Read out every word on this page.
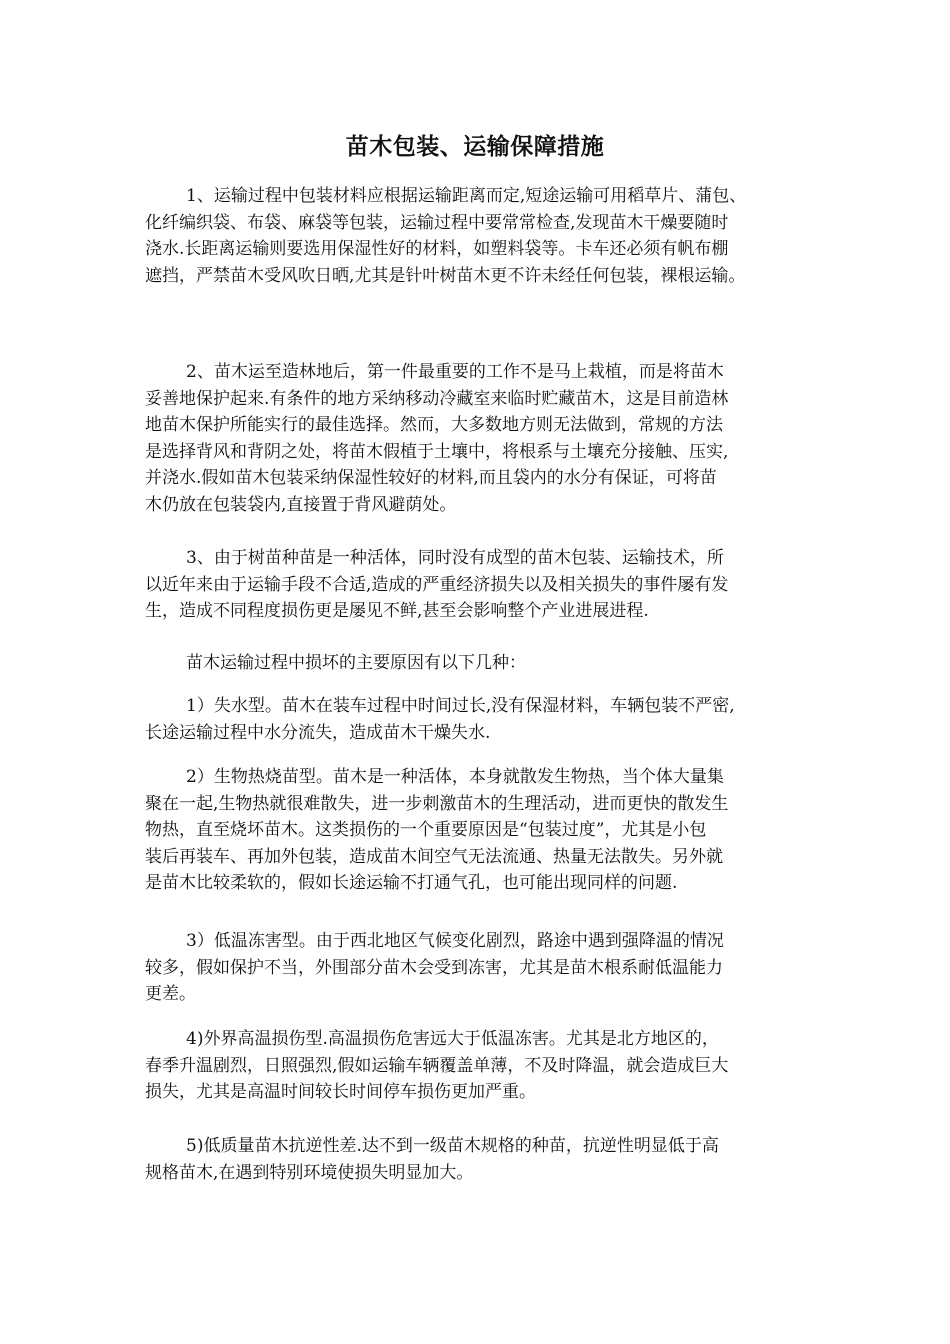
苗木包装、运输保障措施

1、运输过程中包装材料应根据运输距离而定,短途运输可用稻草片、蒲包、
化纤编织袋、布袋、麻袋等包装，运输过程中要常常检查,发现苗木干燥要随时
浇水.长距离运输则要选用保湿性好的材料，如塑料袋等。卡车还必须有帆布棚
遮挡，严禁苗木受风吹日晒,尤其是针叶树苗木更不许未经任何包装，裸根运输。

2、苗木运至造林地后，第一件最重要的工作不是马上栽植，而是将苗木
妥善地保护起来.有条件的地方采纳移动冷藏室来临时贮藏苗木，这是目前造林
地苗木保护所能实行的最佳选择。然而，大多数地方则无法做到，常规的方法
是选择背风和背阴之处，将苗木假植于土壤中，将根系与土壤充分接触、压实,
并浇水.假如苗木包装采纳保湿性较好的材料,而且袋内的水分有保证，可将苗
木仍放在包装袋内,直接置于背风避荫处。

3、由于树苗种苗是一种活体，同时没有成型的苗木包装、运输技术，所
以近年来由于运输手段不合适,造成的严重经济损失以及相关损失的事件屡有发
生，造成不同程度损伤更是屡见不鲜,甚至会影响整个产业进展进程.

苗木运输过程中损坏的主要原因有以下几种：

1）失水型。苗木在装车过程中时间过长,没有保湿材料，车辆包装不严密,
长途运输过程中水分流失，造成苗木干燥失水.

2）生物热烧苗型。苗木是一种活体，本身就散发生物热，当个体大量集
聚在一起,生物热就很难散失，进一步刺激苗木的生理活动，进而更快的散发生
物热，直至烧坏苗木。这类损伤的一个重要原因是“包装过度”，尤其是小包
装后再装车、再加外包装，造成苗木间空气无法流通、热量无法散失。另外就
是苗木比较柔软的，假如长途运输不打通气孔，也可能出现同样的问题.

3）低温冻害型。由于西北地区气候变化剧烈，路途中遇到强降温的情况
较多，假如保护不当，外围部分苗木会受到冻害，尤其是苗木根系耐低温能力
更差。

4)外界高温损伤型.高温损伤危害远大于低温冻害。尤其是北方地区的，
春季升温剧烈，日照强烈,假如运输车辆覆盖单薄，不及时降温，就会造成巨大
损失，尤其是高温时间较长时间停车损伤更加严重。

5)低质量苗木抗逆性差.达不到一级苗木规格的种苗，抗逆性明显低于高
规格苗木,在遇到特别环境使损失明显加大。
